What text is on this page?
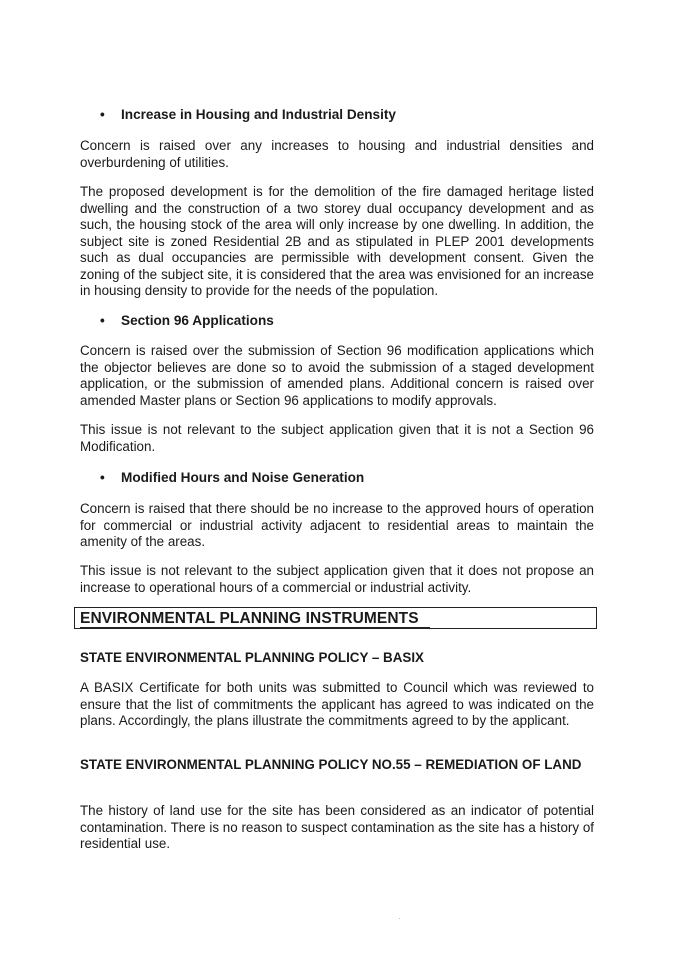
• Increase in Housing and Industrial Density

Concern is raised over any increases to housing and industrial densities and overburdening of utilities.

The proposed development is for the demolition of the fire damaged heritage listed dwelling and the construction of a two storey dual occupancy development and as such, the housing stock of the area will only increase by one dwelling. In addition, the subject site is zoned Residential 2B and as stipulated in PLEP 2001 developments such as dual occupancies are permissible with development consent. Given the zoning of the subject site, it is considered that the area was envisioned for an increase in housing density to provide for the needs of the population.

• Section 96 Applications

Concern is raised over the submission of Section 96 modification applications which the objector believes are done so to avoid the submission of a staged development application, or the submission of amended plans. Additional concern is raised over amended Master plans or Section 96 applications to modify approvals.

This issue is not relevant to the subject application given that it is not a Section 96 Modification.

• Modified Hours and Noise Generation

Concern is raised that there should be no increase to the approved hours of operation for commercial or industrial activity adjacent to residential areas to maintain the amenity of the areas.

This issue is not relevant to the subject application given that it does not propose an increase to operational hours of a commercial or industrial activity.

ENVIRONMENTAL PLANNING INSTRUMENTS

STATE ENVIRONMENTAL PLANNING POLICY – BASIX

A BASIX Certificate for both units was submitted to Council which was reviewed to ensure that the list of commitments the applicant has agreed to was indicated on the plans. Accordingly, the plans illustrate the commitments agreed to by the applicant.

STATE ENVIRONMENTAL PLANNING POLICY NO.55 – REMEDIATION OF LAND

The history of land use for the site has been considered as an indicator of potential contamination. There is no reason to suspect contamination as the site has a history of residential use.
